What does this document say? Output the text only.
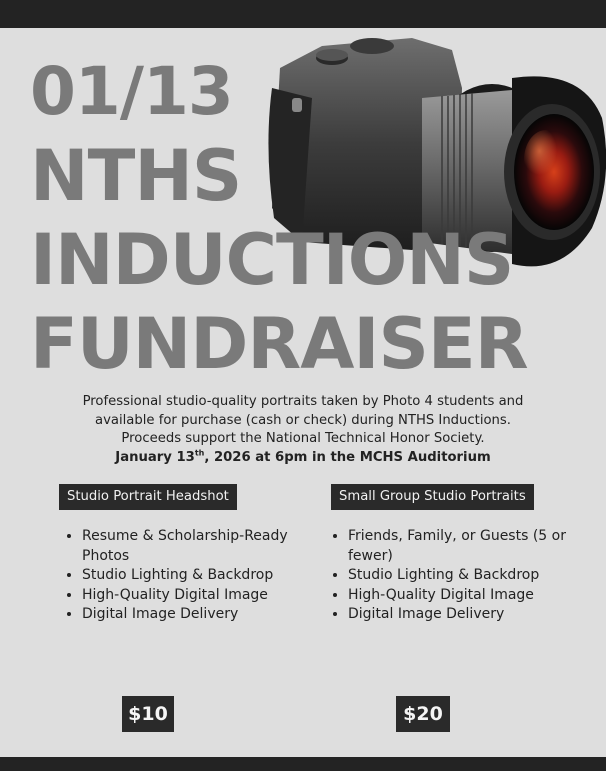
01/13
NTHS
INDUCTIONS
FUNDRAISER
Professional studio-quality portraits taken by Photo 4 students and
available for purchase (cash or check) during NTHS Inductions.
Proceeds support the National Technical Honor Society.
January 13th, 2026 at 6pm in the MCHS Auditorium
Studio Portrait Headshot
• Resume & Scholarship-Ready Photos
• Studio Lighting & Backdrop
• High-Quality Digital Image
• Digital Image Delivery
$10
Small Group Studio Portraits
• Friends, Family, or Guests (5 or fewer)
• Studio Lighting & Backdrop
• High-Quality Digital Image
• Digital Image Delivery
$20
